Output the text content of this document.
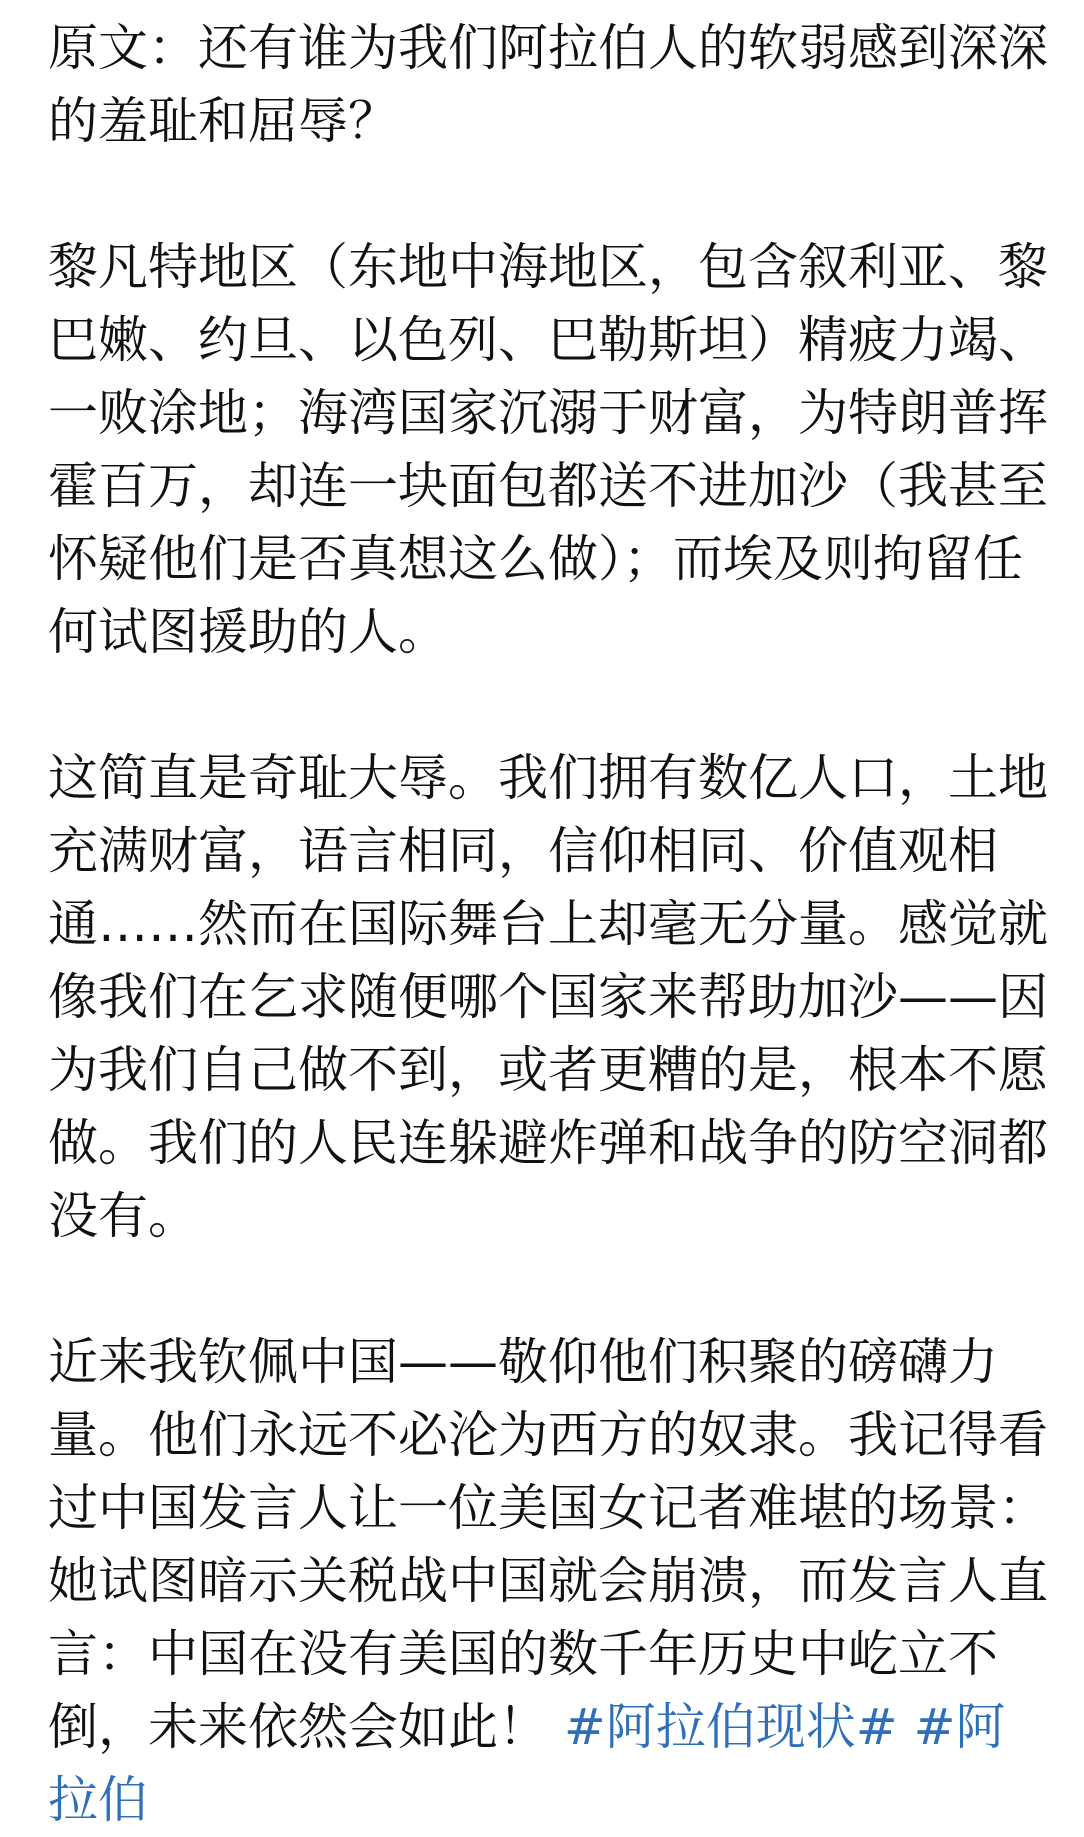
原文：还有谁为我们阿拉伯人的软弱感到深深的羞耻和屈辱？

黎凡特地区（东地中海地区，包含叙利亚、黎巴嫩、约旦、以色列、巴勒斯坦）精疲力竭、一败涂地；海湾国家沉溺于财富，为特朗普挥霍百万，却连一块面包都送不进加沙（我甚至怀疑他们是否真想这么做）；而埃及则拘留任何试图援助的人。

这简直是奇耻大辱。我们拥有数亿人口，土地充满财富，语言相同，信仰相同、价值观相通……然而在国际舞台上却毫无分量。感觉就像我们在乞求随便哪个国家来帮助加沙——因为我们自己做不到，或者更糟的是，根本不愿做。我们的人民连躲避炸弹和战争的防空洞都没有。

近来我钦佩中国——敬仰他们积聚的磅礴力量。他们永远不必沦为西方的奴隶。我记得看过中国发言人让一位美国女记者难堪的场景：她试图暗示关税战中国就会崩溃，而发言人直言：中国在没有美国的数千年历史中屹立不倒，未来依然会如此！ #阿拉伯现状# #阿拉伯
